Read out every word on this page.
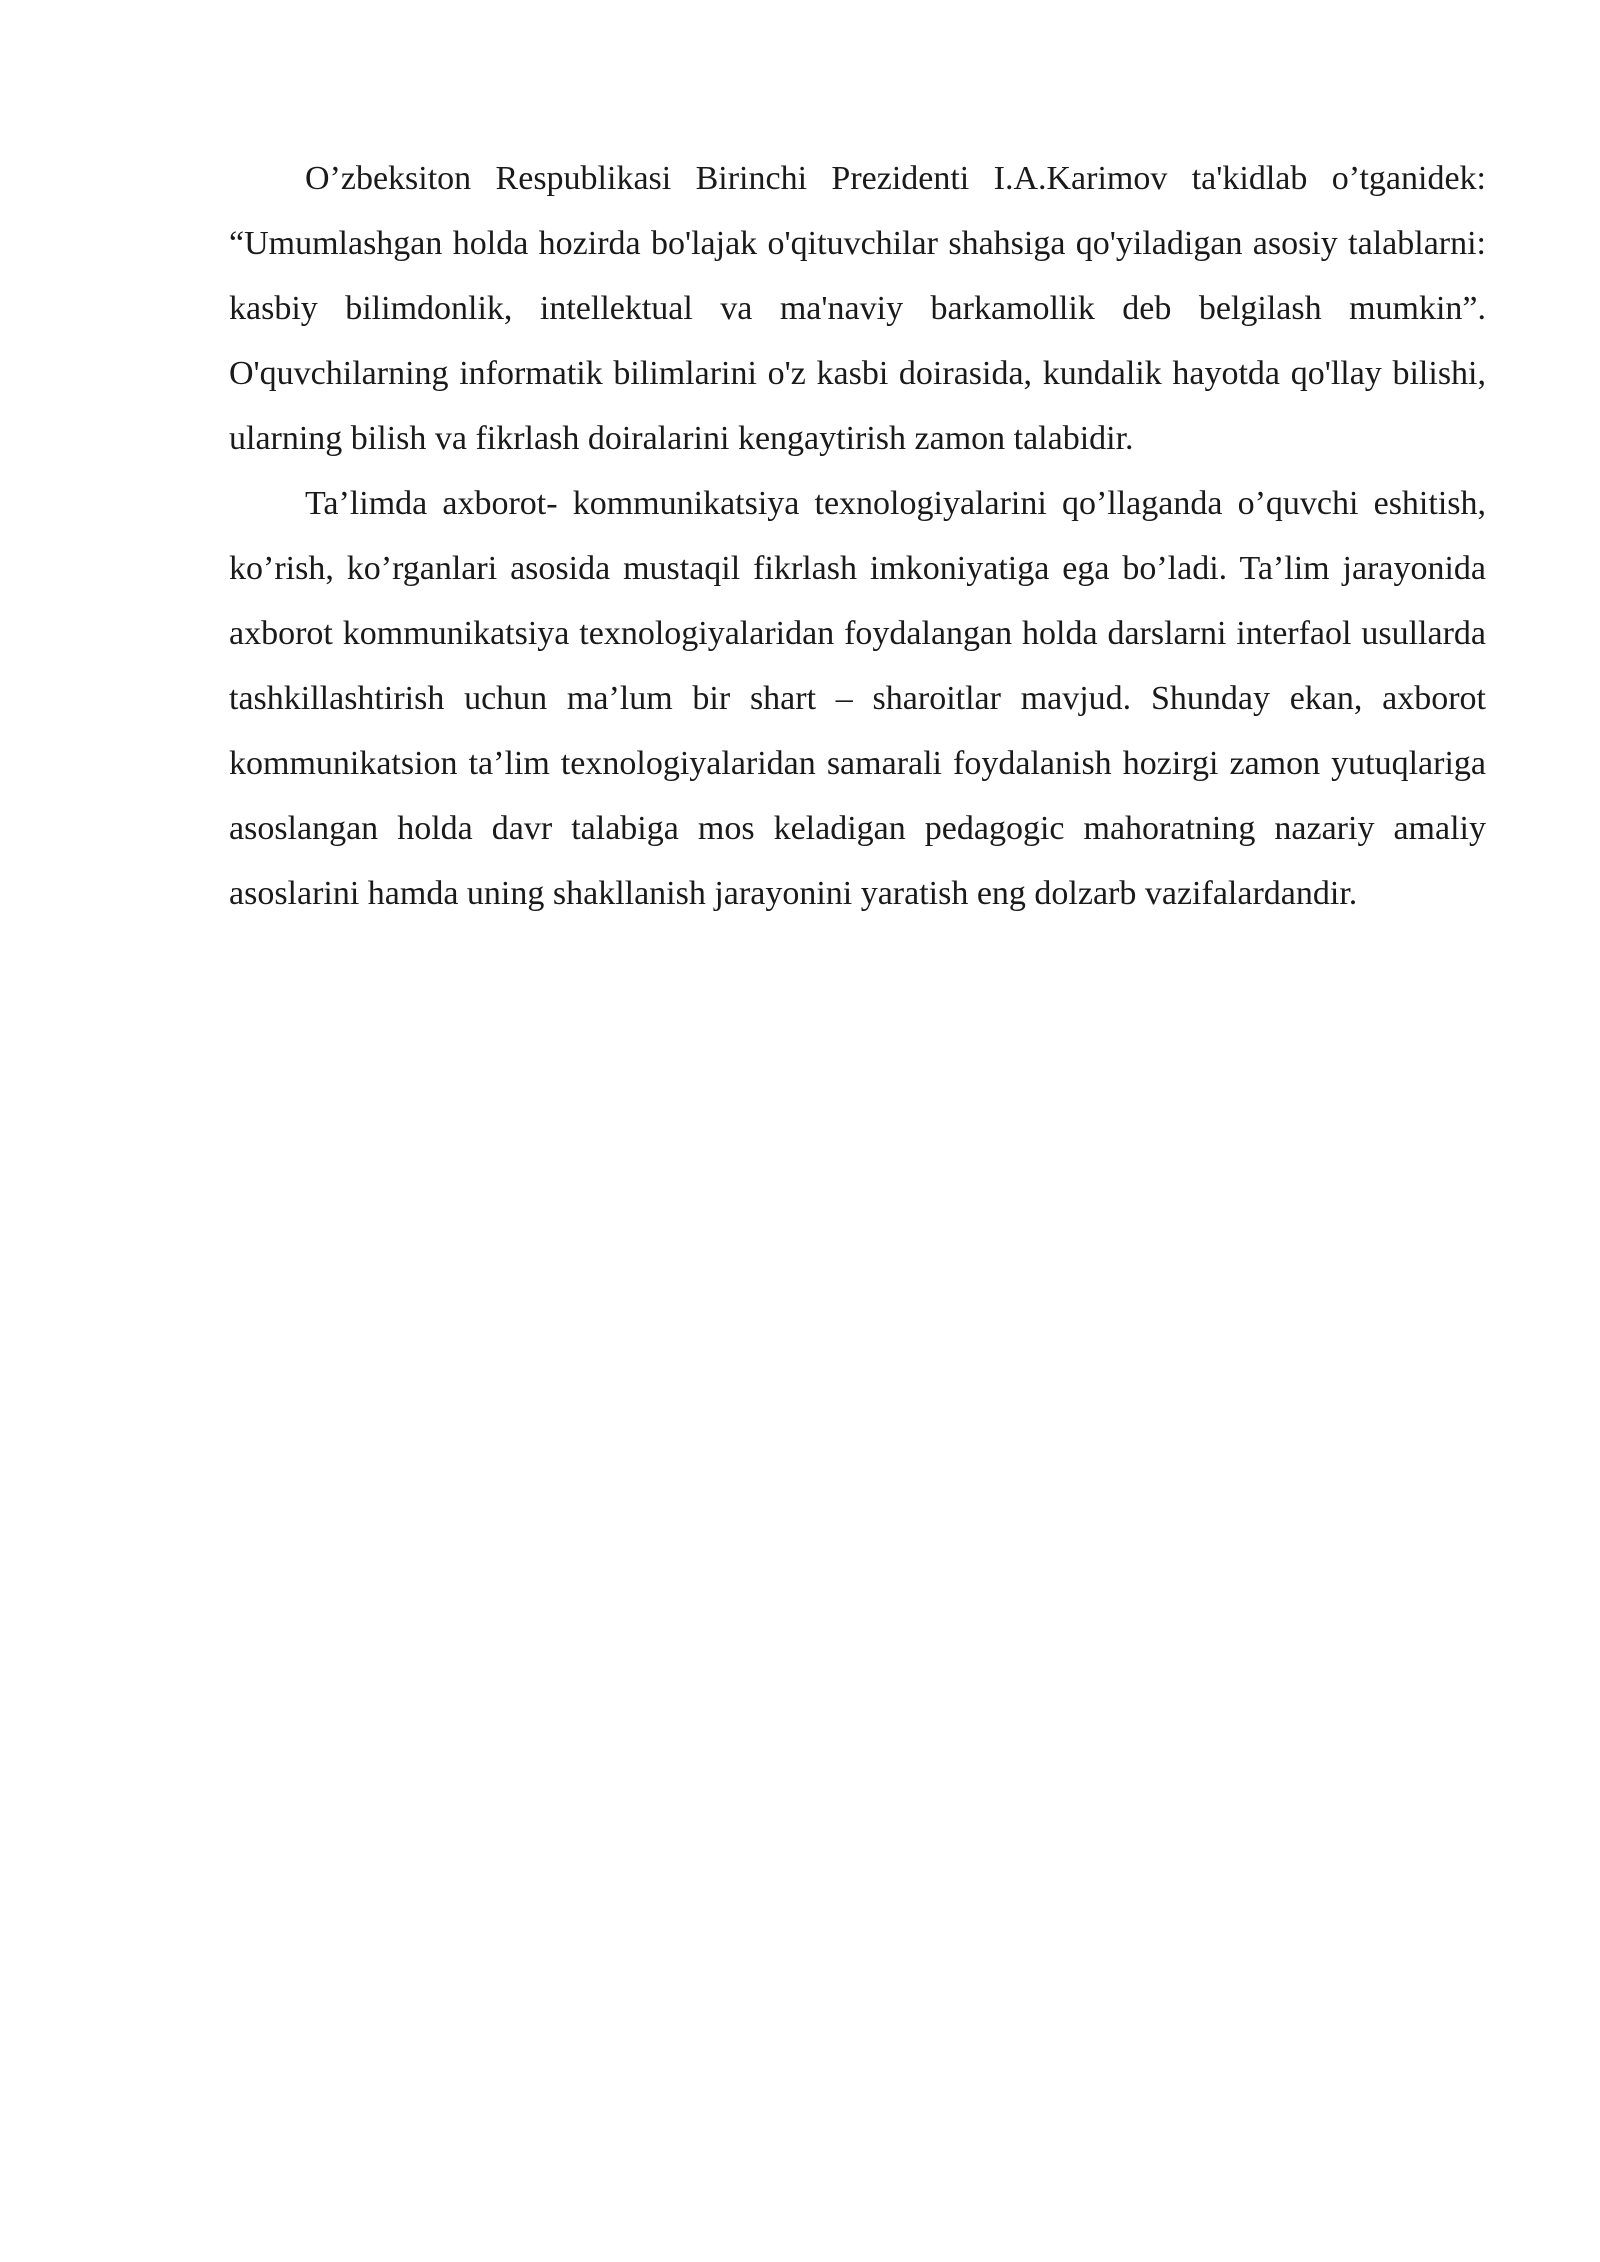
O’zbeksiton Respublikasi Birinchi Prezidenti I.A.Karimov ta'kidlab o’tganidek: “Umumlashgan holda hozirda bo'lajak o'qituvchilar shahsiga qo'yiladigan asosiy talablarni: kasbiy bilimdonlik, intellektual va ma'naviy barkamollik deb belgilash mumkin”. O'quvchilarning informatik bilimlarini o'z kasbi doirasida, kundalik hayotda qo'llay bilishi, ularning bilish va fikrlash doiralarini kengaytirish zamon talabidir.

Ta’limda axborot- kommunikatsiya texnologiyalarini qo’llaganda o’quvchi eshitish, ko’rish, ko’rganlari asosida mustaqil fikrlash imkoniyatiga ega bo’ladi. Ta’lim jarayonida axborot kommunikatsiya texnologiyalaridan foydalangan holda darslarni interfaol usullarda tashkillashtirish uchun ma’lum bir shart – sharoitlar mavjud. Shunday ekan, axborot kommunikatsion ta’lim texnologiyalaridan samarali foydalanish hozirgi zamon yutuqlariga asoslangan holda davr talabiga mos keladigan pedagogic mahoratning nazariy amaliy asoslarini hamda uning shakllanish jarayonini yaratish eng dolzarb vazifalardandir.
